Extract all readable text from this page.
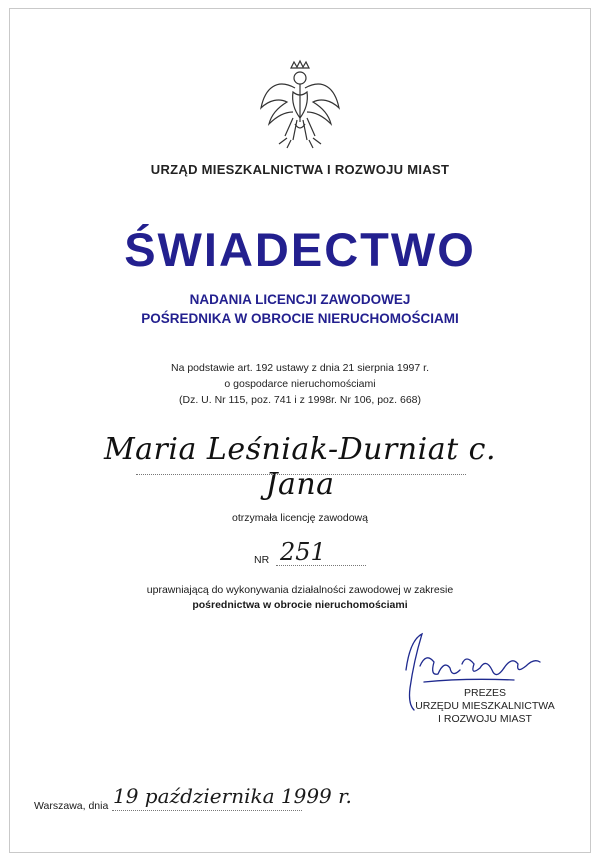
URZĄD MIESZKALNICTWA I ROZWOJU MIAST
ŚWIADECTWO
NADANIA LICENCJI ZAWODOWEJ
POŚREDNIKA W OBROCIE NIERUCHOMOŚCIAMI
Na podstawie art. 192 ustawy z dnia 21 sierpnia 1997 r.
o gospodarce nieruchomościami
(Dz. U. Nr 115, poz. 741 i z 1998r. Nr 106, poz. 668)
Maria Leśniak-Durniat c. Jana
otrzymała licencję zawodową
NR 251
uprawniającą do wykonywania działalności zawodowej w zakresie
pośrednictwa w obrocie nieruchomościami
PREZES
URZĘDU MIESZKALNICTWA
I ROZWOJU MIAST
Warszawa, dnia 19 października 1999 r.
